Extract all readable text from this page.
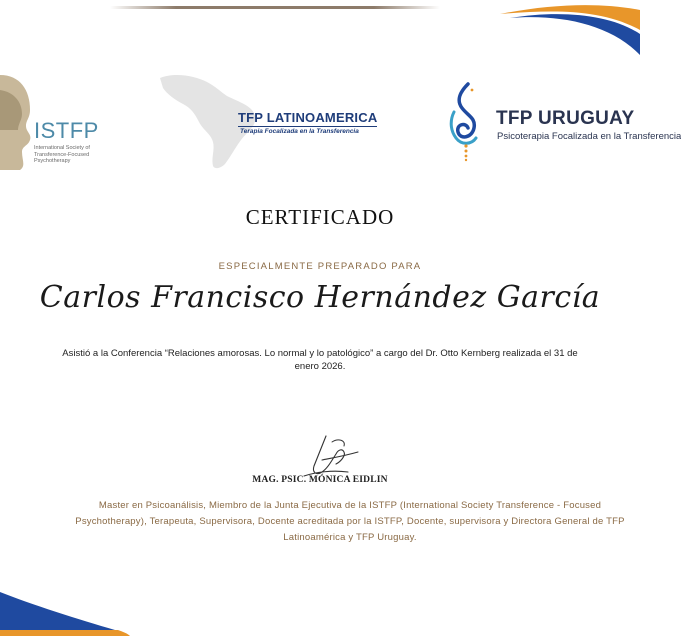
ISTFP
International Society of Transference-Focused Psychotherapy
TFP LATINOAMERICA
Terapia Focalizada en la Transferencia
TFP URUGUAY
Psicoterapia Focalizada en la Transferencia
CERTIFICADO
ESPECIALMENTE PREPARADO PARA
Carlos Francisco Hernández García
Asistió a la Conferencia “Relaciones amorosas. Lo normal y lo patológico” a cargo del Dr. Otto Kernberg realizada el 31 de enero 2026.
MAG. PSIC. MÓNICA EIDLIN
Master en Psicoanálisis, Miembro de la Junta Ejecutiva de la ISTFP (International Society Transference - Focused Psychotherapy), Terapeuta, Supervisora, Docente acreditada por la ISTFP, Docente, supervisora y Directora General de TFP Latinoamérica y TFP Uruguay.
